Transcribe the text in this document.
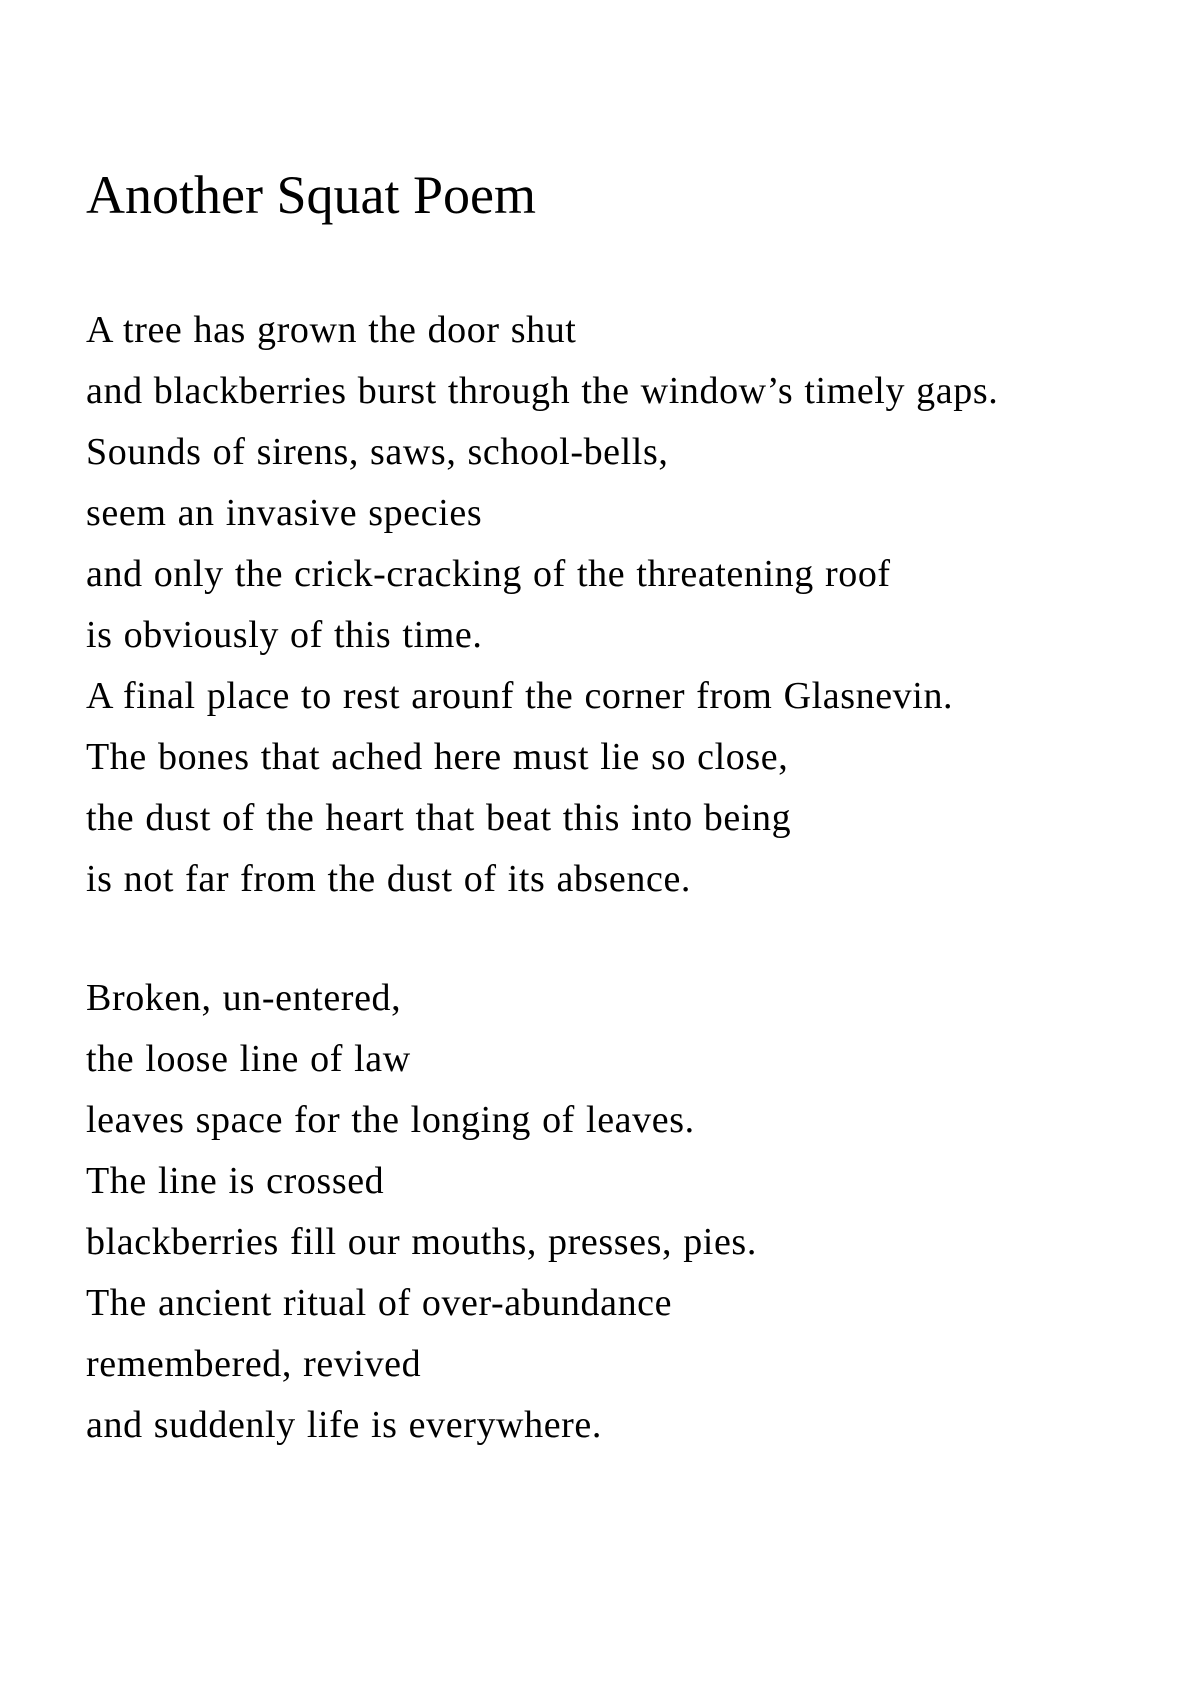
Another Squat Poem
A tree has grown the door shut
and blackberries burst through the window’s timely gaps.
Sounds of sirens, saws, school-bells,
seem an invasive species
and only the crick-cracking of the threatening roof
is obviously of this time.
A final place to rest arounf the corner from Glasnevin.
The bones that ached here must lie so close,
the dust of the heart that beat this into being
is not far from the dust of its absence.
Broken, un-entered,
the loose line of law
leaves space for the longing of leaves.
The line is crossed
blackberries fill our mouths, presses, pies.
The ancient ritual of over-abundance
remembered, revived
and suddenly life is everywhere.
